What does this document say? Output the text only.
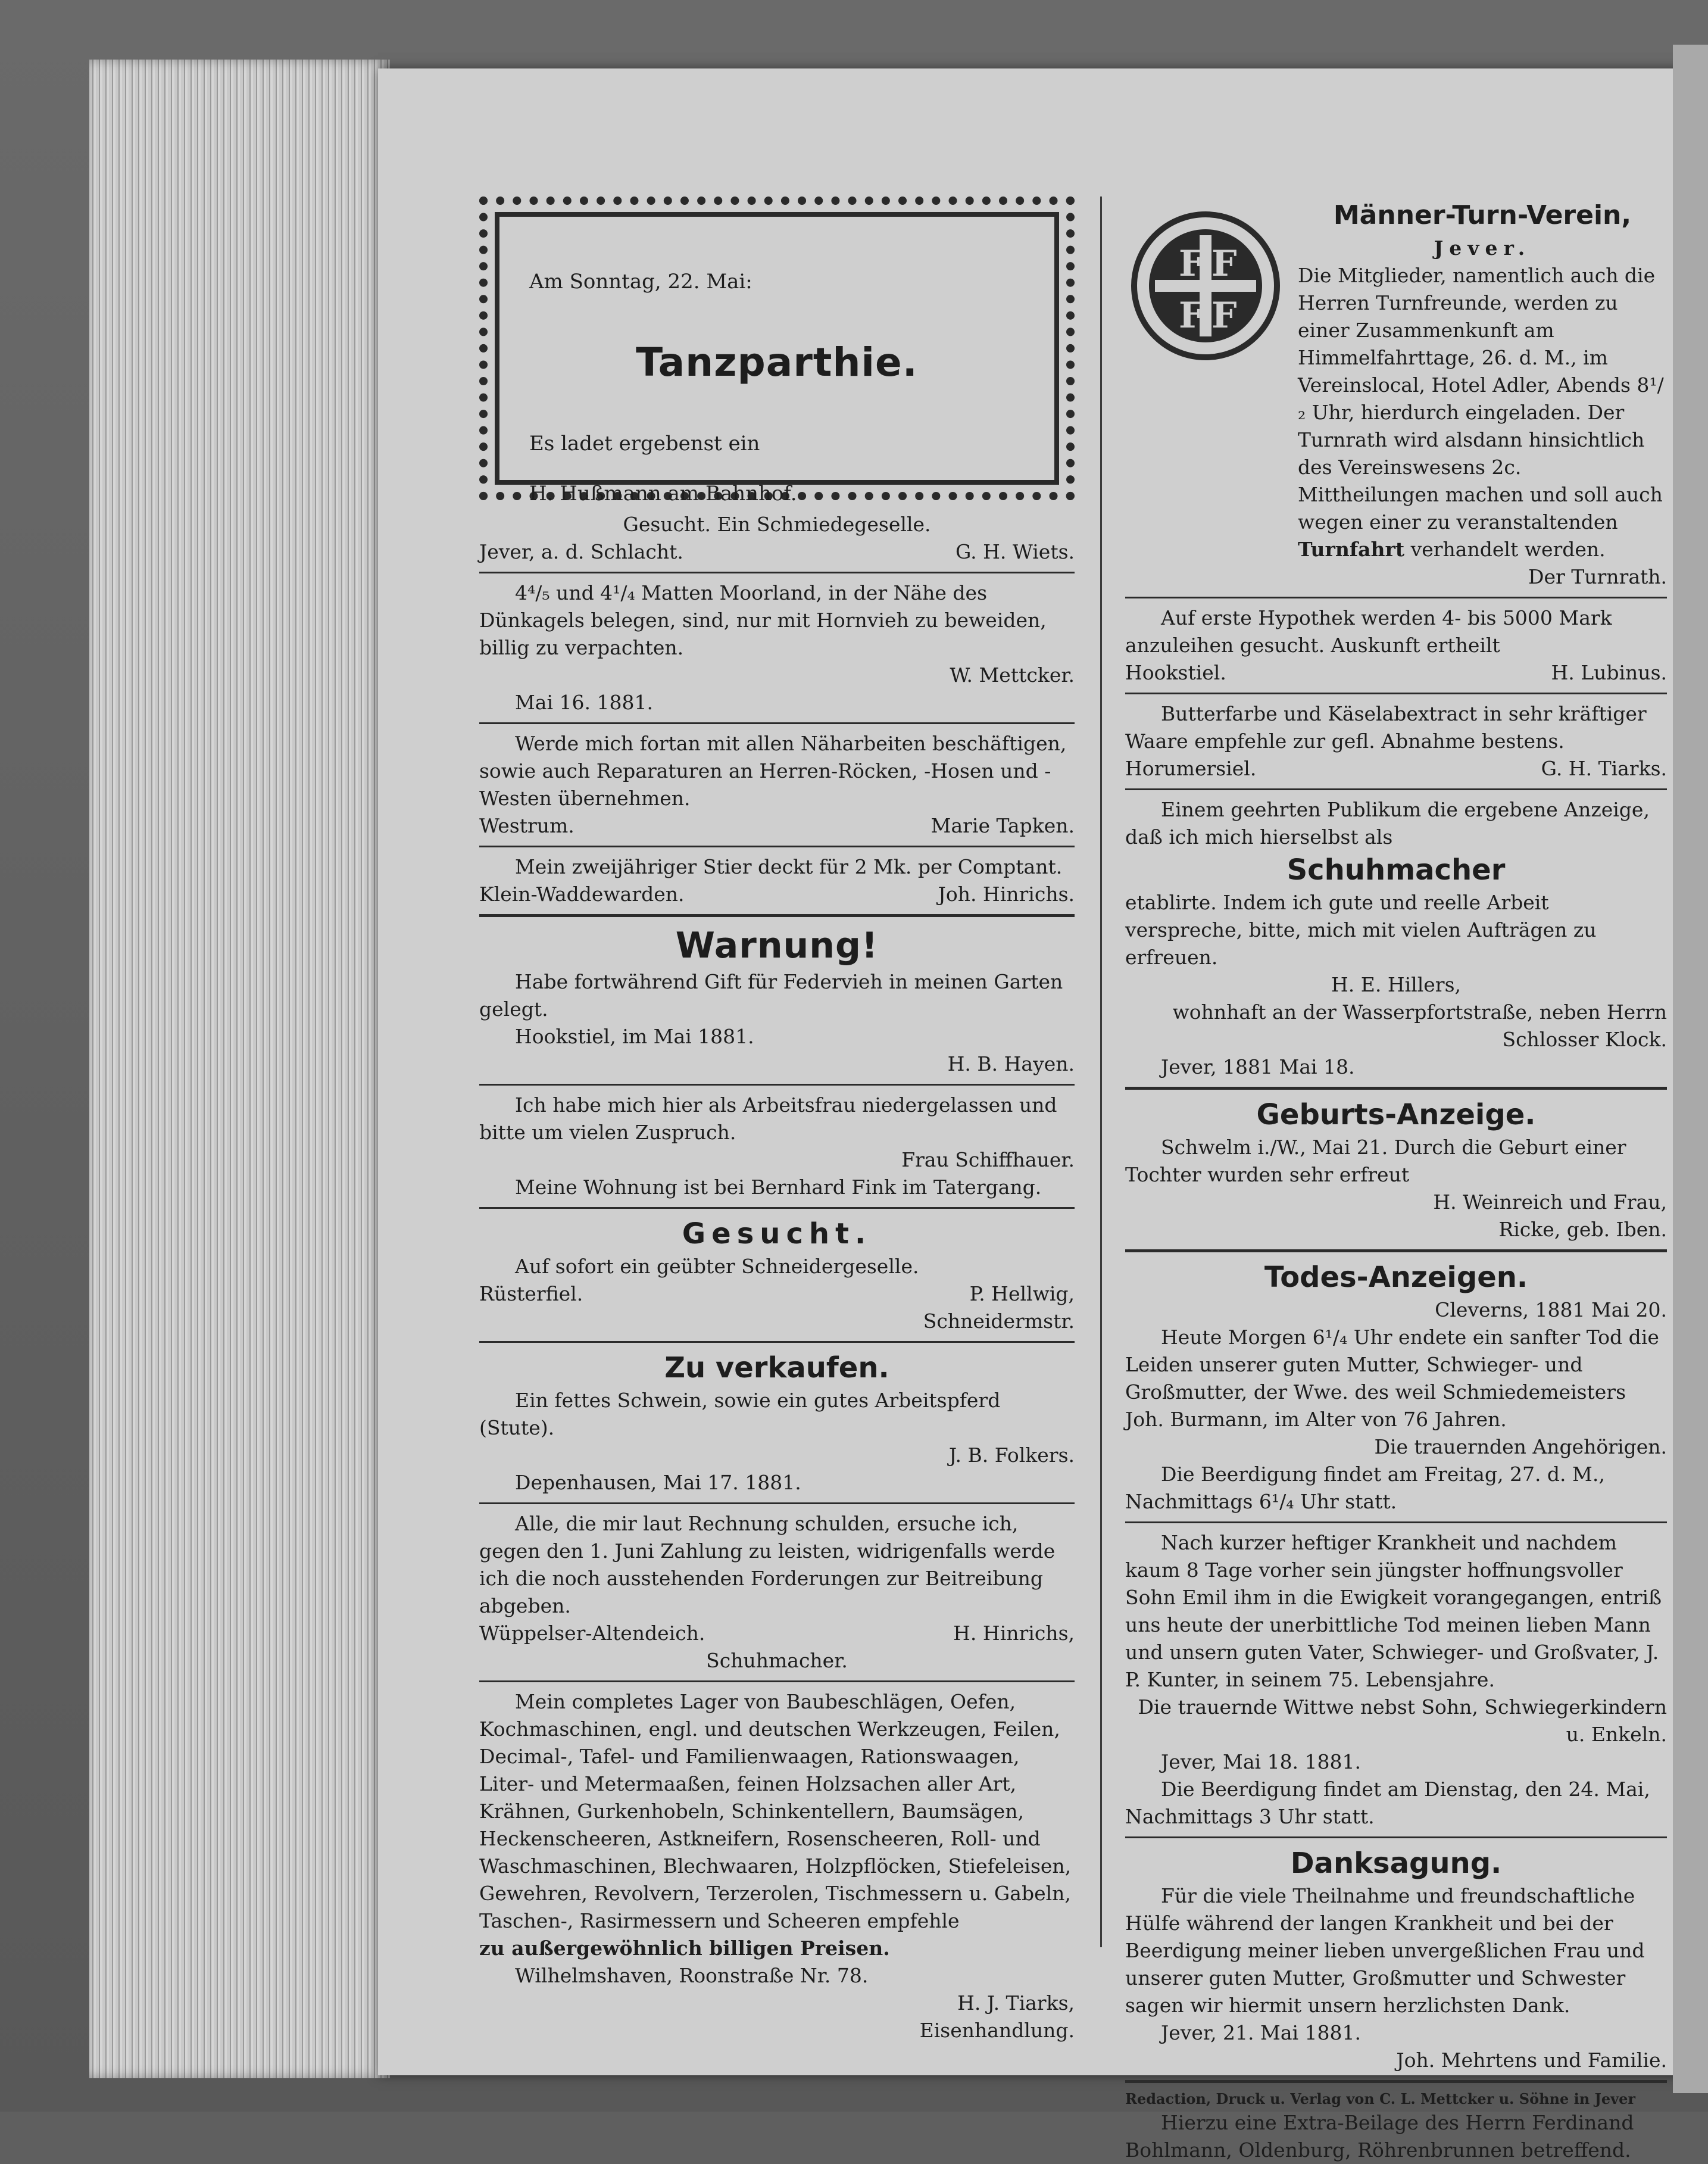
Am Sonntag, 22. Mai:

Tanzparthie.

Es ladet ergebenst ein

H. Hußmann am Bahnhof.

Gesucht. Ein Schmiedegeselle.

Jever, a. d. Schlacht.	G. H. Wiets.

4⁴/₅ und 4¹/₄ Matten Moorland, in der Nähe des Dünkagels belegen, sind, nur mit Hornvieh zu beweiden, billig zu verpachten.

W. Mettcker.

Mai 16. 1881.

Werde mich fortan mit allen Näharbeiten beschäftigen, sowie auch Reparaturen an Herren-Röcken, -Hosen und -Westen übernehmen.

Westrum.	Marie Tapken.

Mein zweijähriger Stier deckt für 2 Mk. per Comptant.

Klein-Waddewarden.	Joh. Hinrichs.

Warnung!

Habe fortwährend Gift für Federvieh in meinen Garten gelegt.

Hookstiel, im Mai 1881.

H. B. Hayen.

Ich habe mich hier als Arbeitsfrau niedergelassen und bitte um vielen Zuspruch.

Frau Schiffhauer.

Meine Wohnung ist bei Bernhard Fink im Tatergang.

Gesucht.

Auf sofort ein geübter Schneidergeselle.

Rüsterfiel.	P. Hellwig,

Schneidermstr.

Zu verkaufen.

Ein fettes Schwein, sowie ein gutes Arbeitspferd (Stute).

J. B. Folkers.

Depenhausen, Mai 17. 1881.

Alle, die mir laut Rechnung schulden, ersuche ich, gegen den 1. Juni Zahlung zu leisten, widrigenfalls werde ich die noch ausstehenden Forderungen zur Beitreibung abgeben.

Wüppelser-Altendeich.	H. Hinrichs,

Schuhmacher.

Mein completes Lager von Baubeschlägen, Oefen, Kochmaschinen, engl. und deutschen Werkzeugen, Feilen, Decimal-, Tafel- und Familienwaagen, Rationswaagen, Liter- und Metermaaßen, feinen Holzsachen aller Art, Krähnen, Gurkenhobeln, Schinkentellern, Baumsägen, Heckenscheeren, Astkneifern, Rosenscheeren, Roll- und Waschmaschinen, Blechwaaren, Holzpflöcken, Stiefeleisen, Gewehren, Revolvern, Terzerolen, Tischmessern u. Gabeln, Taschen-, Rasirmessern und Scheeren empfehle

zu außergewöhnlich billigen Preisen.

Wilhelmshaven, Roonstraße Nr. 78.

H. J. Tiarks,

Eisenhandlung.

F F
F F

Männer-Turn-Verein,

Jever.

Die Mitglieder, namentlich auch die Herren Turnfreunde, werden zu einer Zusammenkunft am Himmelfahrttage, 26. d. M., im Vereinslocal, Hotel Adler, Abends 8¹/₂ Uhr, hierdurch eingeladen. Der Turnrath wird alsdann hinsichtlich des Vereinswesens 2c. Mittheilungen machen und soll auch wegen einer zu veranstaltenden Turnfahrt verhandelt werden.

Der Turnrath.

Auf erste Hypothek werden 4- bis 5000 Mark anzuleihen gesucht. Auskunft ertheilt

Hookstiel.	H. Lubinus.

Butterfarbe und Käselabextract in sehr kräftiger Waare empfehle zur gefl. Abnahme bestens.

Horumersiel.	G. H. Tiarks.

Einem geehrten Publikum die ergebene Anzeige, daß ich mich hierselbst als

Schuhmacher

etablirte. Indem ich gute und reelle Arbeit verspreche, bitte, mich mit vielen Aufträgen zu erfreuen.

H. E. Hillers,

wohnhaft an der Wasserpfortstraße, neben Herrn Schlosser Klock.

Jever, 1881 Mai 18.

Geburts-Anzeige.

Schwelm i./W., Mai 21. Durch die Geburt einer Tochter wurden sehr erfreut

H. Weinreich und Frau,

Ricke, geb. Iben.

Todes-Anzeigen.

Cleverns, 1881 Mai 20.

Heute Morgen 6¹/₄ Uhr endete ein sanfter Tod die Leiden unserer guten Mutter, Schwieger- und Großmutter, der Wwe. des weil Schmiedemeisters Joh. Burmann, im Alter von 76 Jahren.

Die trauernden Angehörigen.

Die Beerdigung findet am Freitag, 27. d. M., Nachmittags 6¹/₄ Uhr statt.

Nach kurzer heftiger Krankheit und nachdem kaum 8 Tage vorher sein jüngster hoffnungsvoller Sohn Emil ihm in die Ewigkeit vorangegangen, entriß uns heute der unerbittliche Tod meinen lieben Mann und unsern guten Vater, Schwieger- und Großvater, J. P. Kunter, in seinem 75. Lebensjahre.

Die trauernde Wittwe nebst Sohn, Schwiegerkindern u. Enkeln.

Jever, Mai 18. 1881.

Die Beerdigung findet am Dienstag, den 24. Mai, Nachmittags 3 Uhr statt.

Danksagung.

Für die viele Theilnahme und freundschaftliche Hülfe während der langen Krankheit und bei der Beerdigung meiner lieben unvergeßlichen Frau und unserer guten Mutter, Großmutter und Schwester sagen wir hiermit unsern herzlichsten Dank.

Jever, 21. Mai 1881.

Joh. Mehrtens und Familie.

Redaction, Druck u. Verlag von C. L. Mettcker u. Söhne in Jever

Hierzu eine Extra-Beilage des Herrn Ferdinand Bohlmann, Oldenburg, Röhrenbrunnen betreffend.
